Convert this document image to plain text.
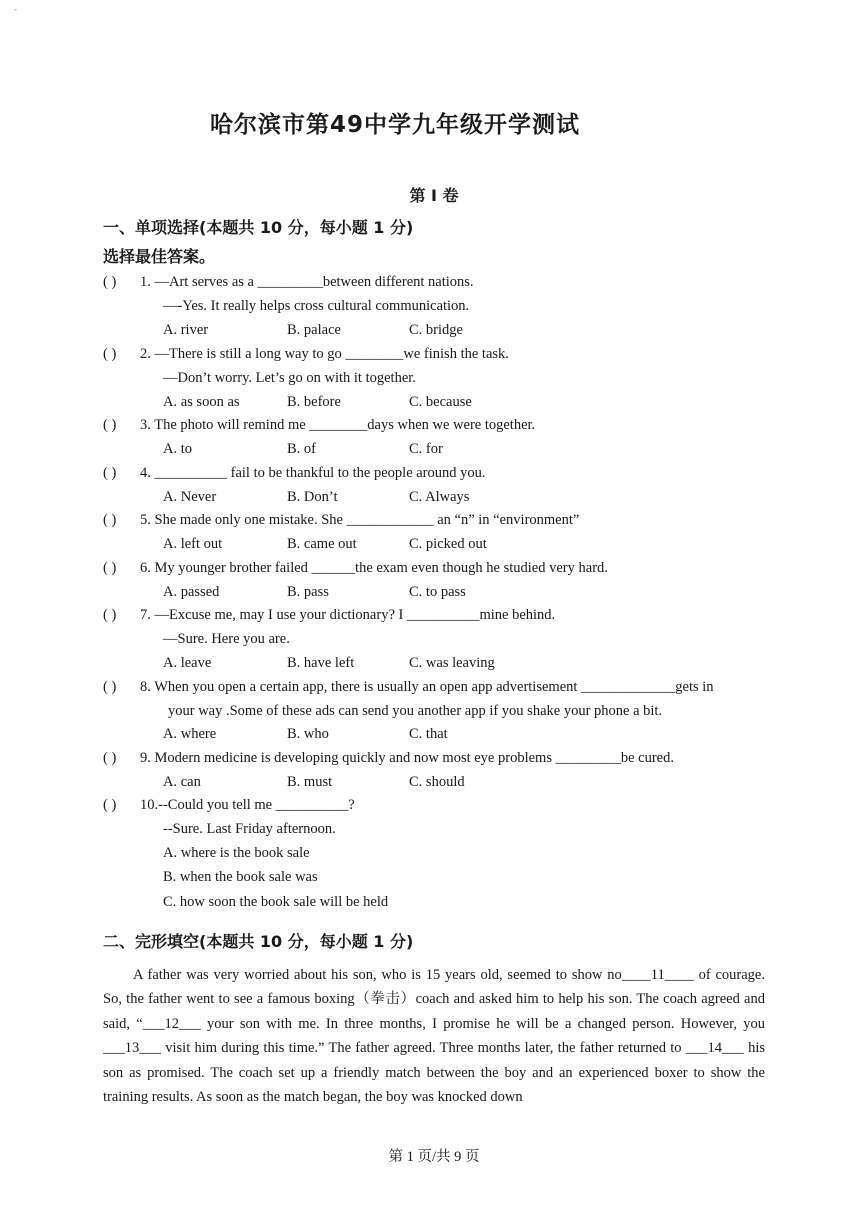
-
哈尔滨市第49中学九年级开学测试
第 I 卷
一、单项选择(本题共 10 分，每小题 1 分)
选择最佳答案。
( ) 1. —Art serves as a _________between different nations.
—-Yes. It really helps cross cultural communication.
A. river	B. palace	C. bridge
( ) 2. —There is still a long way to go ________we finish the task.
—Don’t worry. Let’s go on with it together.
A. as soon as	B. before	C. because
( ) 3. The photo will remind me ________days when we were together.
A. to	B. of	C. for
( ) 4. __________ fail to be thankful to the people around you.
A. Never	B. Don’t	C. Always
( ) 5. She made only one mistake. She ____________ an “n” in “environment”
A. left out	B. came out	C. picked out
( ) 6. My younger brother failed ______the exam even though he studied very hard.
A. passed	B. pass	C. to pass
( ) 7. —Excuse me, may I use your dictionary? I __________mine behind.
—Sure. Here you are.
A. leave	B. have left	C. was leaving
( ) 8. When you open a certain app, there is usually an open app advertisement _____________gets in
your way .Some of these ads can send you another app if you shake your phone a bit.
A. where	B. who	C. that
( ) 9. Modern medicine is developing quickly and now most eye problems _________be cured.
A. can	B. must	C. should
( ) 10.--Could you tell me __________?
--Sure. Last Friday afternoon.
A. where is the book sale
B. when the book sale was
C. how soon the book sale will be held
二、完形填空(本题共 10 分，每小题 1 分)
A father was very worried about his son, who is 15 years old, seemed to show no____11____ of courage. So, the father went to see a famous boxing（拳击）coach and asked him to help his son. The coach agreed and said, “___12___ your son with me. In three months, I promise he will be a changed person. However, you ___13___ visit him during this time.” The father agreed. Three months later, the father returned to ___14___ his son as promised. The coach set up a friendly match between the boy and an experienced boxer to show the training results. As soon as the match began, the boy was knocked down
第 1 页/共 9 页
